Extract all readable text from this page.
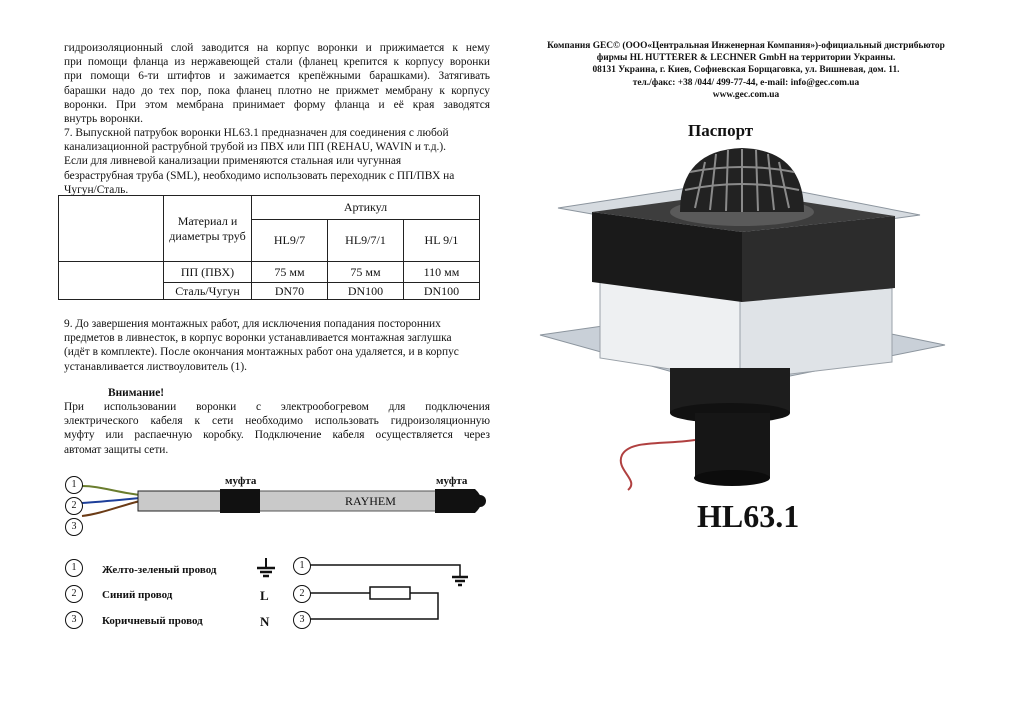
гидроизоляционный слой заводится на корпус воронки и прижимается к нему
при помощи фланца из нержавеющей стали (фланец крепится к корпусу воронки
при помощи 6-ти штифтов и зажимается крепёжными барашками). Затягивать
барашки надо до тех пор, пока фланец плотно не прижмет мембрану к корпусу
воронки. При этом мембрана принимает форму фланца и её края заводятся
внутрь воронки.
7. Выпускной патрубок воронки HL63.1 предназначен для соединения с любой
канализационной раструбной трубой из ПВХ или ПП (REHAU, WAVIN и т.д.).
Если для ливневой канализации применяются стальная или чугунная
безраструбная труба (SML), необходимо использовать переходник с ПП/ПВХ на
Чугун/Сталь.
	Материал и диаметры труб	Артикул		
		HL9/7	HL9/7/1	HL 9/1
	ПП (ПВХ)	75 мм	75 мм	110 мм
	Сталь/Чугун	DN70	DN100	DN100
9. До завершения монтажных работ, для исключения попадания посторонних
предметов в ливнесток, в корпус воронки устанавливается монтажная заглушка
(идёт в комплекте). После окончания монтажных работ она удаляется, и в корпус
устанавливается листвоуловитель (1).
Внимание!
При использовании воронки с электрообогревом для подключения
электрического кабеля к сети необходимо использовать гидроизоляционную
муфту или распаечную коробку. Подключение кабеля осуществляется через
автомат защиты сети.
муфта	муфта
RAYHEM
1
2
3
1	Желто-зеленый провод
2	Синий провод
3	Коричневый провод
L
N
1
2
3
Компания GEC© (ООО«Центральная Инженерная Компания»)-официальный дистрибьютор
фирмы HL HUTTERER & LECHNER GmbH на территории Украины.
08131 Украина, г. Киев, Софиевская Борщаговка, ул. Вишневая, дом. 11.
тел./факс: +38 /044/ 499-77-44, e-mail: info@gec.com.ua
www.gec.com.ua
Паспорт
HL63.1
